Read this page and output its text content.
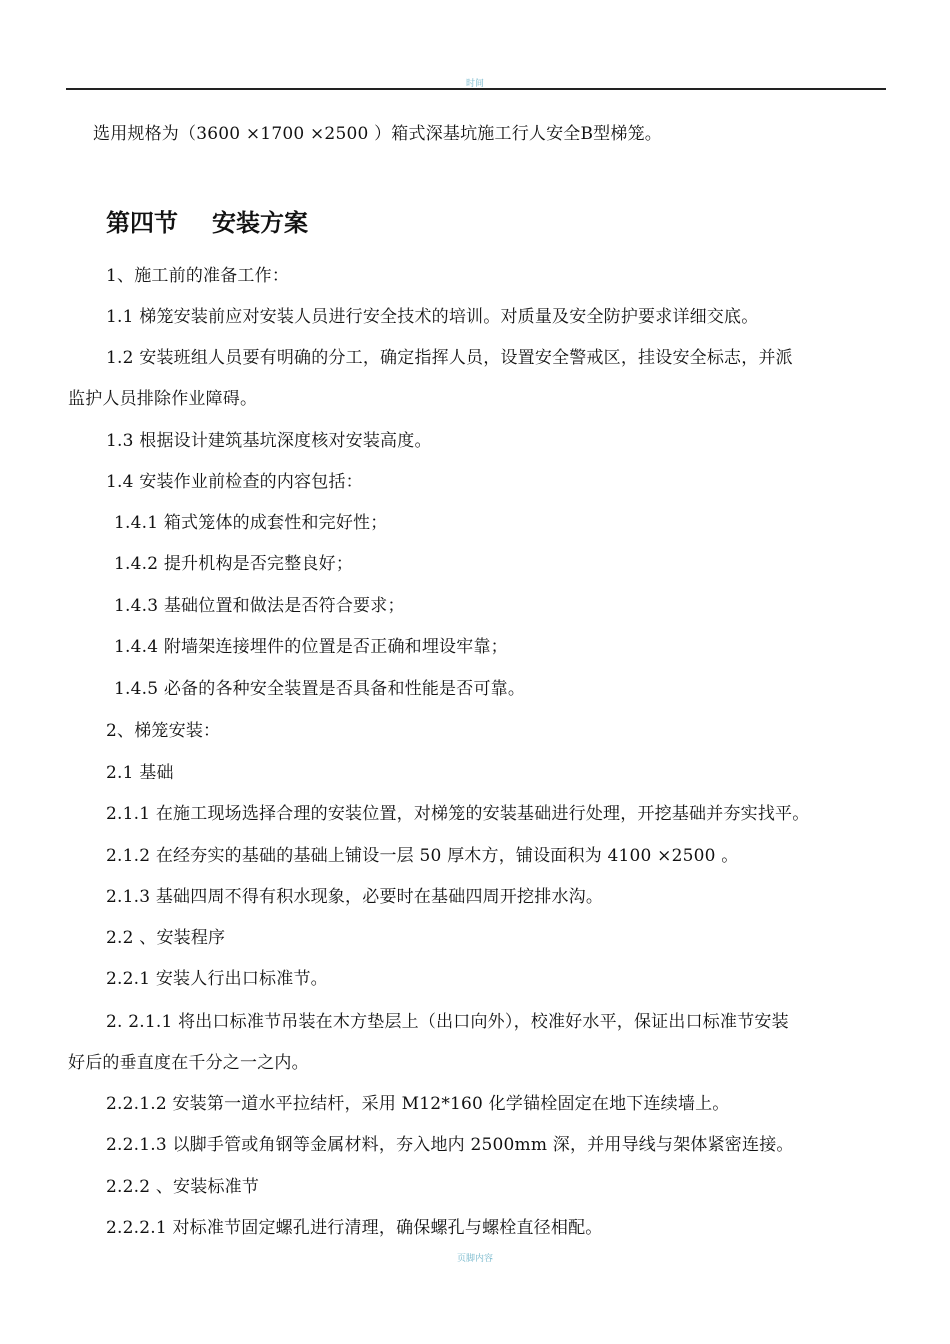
时间

选用规格为（3600 ×1700 ×2500 ）箱式深基坑施工行人安全B型梯笼。

第四节 安装方案

1、施工前的准备工作：

1.1 梯笼安装前应对安装人员进行安全技术的培训。对质量及安全防护要求详细交底。

1.2 安装班组人员要有明确的分工，确定指挥人员，设置安全警戒区，挂设安全标志，并派

监护人员排除作业障碍。

1.3 根据设计建筑基坑深度核对安装高度。

1.4 安装作业前检查的内容包括：

1.4.1 箱式笼体的成套性和完好性；

1.4.2 提升机构是否完整良好；

1.4.3 基础位置和做法是否符合要求；

1.4.4 附墙架连接埋件的位置是否正确和埋设牢靠；

1.4.5 必备的各种安全装置是否具备和性能是否可靠。

2、梯笼安装：

2.1 基础

2.1.1 在施工现场选择合理的安装位置，对梯笼的安装基础进行处理，开挖基础并夯实找平。

2.1.2 在经夯实的基础的基础上铺设一层 50 厚木方，铺设面积为 4100 ×2500 。

2.1.3 基础四周不得有积水现象，必要时在基础四周开挖排水沟。

2.2 、安装程序

2.2.1 安装人行出口标准节。

2. 2.1.1 将出口标准节吊装在木方垫层上（出口向外），校准好水平，保证出口标准节安装

好后的垂直度在千分之一之内。

2.2.1.2 安装第一道水平拉结杆，采用 M12*160 化学锚栓固定在地下连续墙上。

2.2.1.3 以脚手管或角钢等金属材料，夯入地内 2500mm 深，并用导线与架体紧密连接。

2.2.2 、安装标准节

2.2.2.1 对标准节固定螺孔进行清理，确保螺孔与螺栓直径相配。

页脚内容
